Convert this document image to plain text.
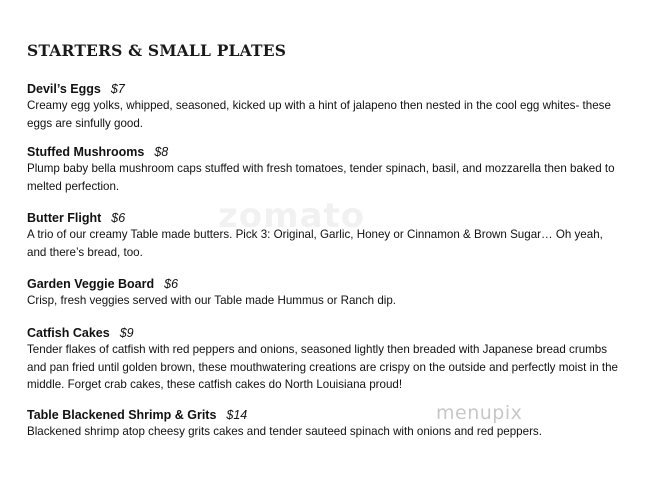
zomato
menupix
STARTERS & SMALL PLATES
Devil’s Eggs $7
Creamy egg yolks, whipped, seasoned, kicked up with a hint of jalapeno then nested in the cool egg whites- these
eggs are sinfully good.
Stuffed Mushrooms $8
Plump baby bella mushroom caps stuffed with fresh tomatoes, tender spinach, basil, and mozzarella then baked to
melted perfection.
Butter Flight $6
A trio of our creamy Table made butters. Pick 3: Original, Garlic, Honey or Cinnamon & Brown Sugar… Oh yeah,
and there’s bread, too.
Garden Veggie Board $6
Crisp, fresh veggies served with our Table made Hummus or Ranch dip.
Catfish Cakes $9
Tender flakes of catfish with red peppers and onions, seasoned lightly then breaded with Japanese bread crumbs
and pan fried until golden brown, these mouthwatering creations are crispy on the outside and perfectly moist in the
middle. Forget crab cakes, these catfish cakes do North Louisiana proud!
Table Blackened Shrimp & Grits $14
Blackened shrimp atop cheesy grits cakes and tender sauteed spinach with onions and red peppers.
